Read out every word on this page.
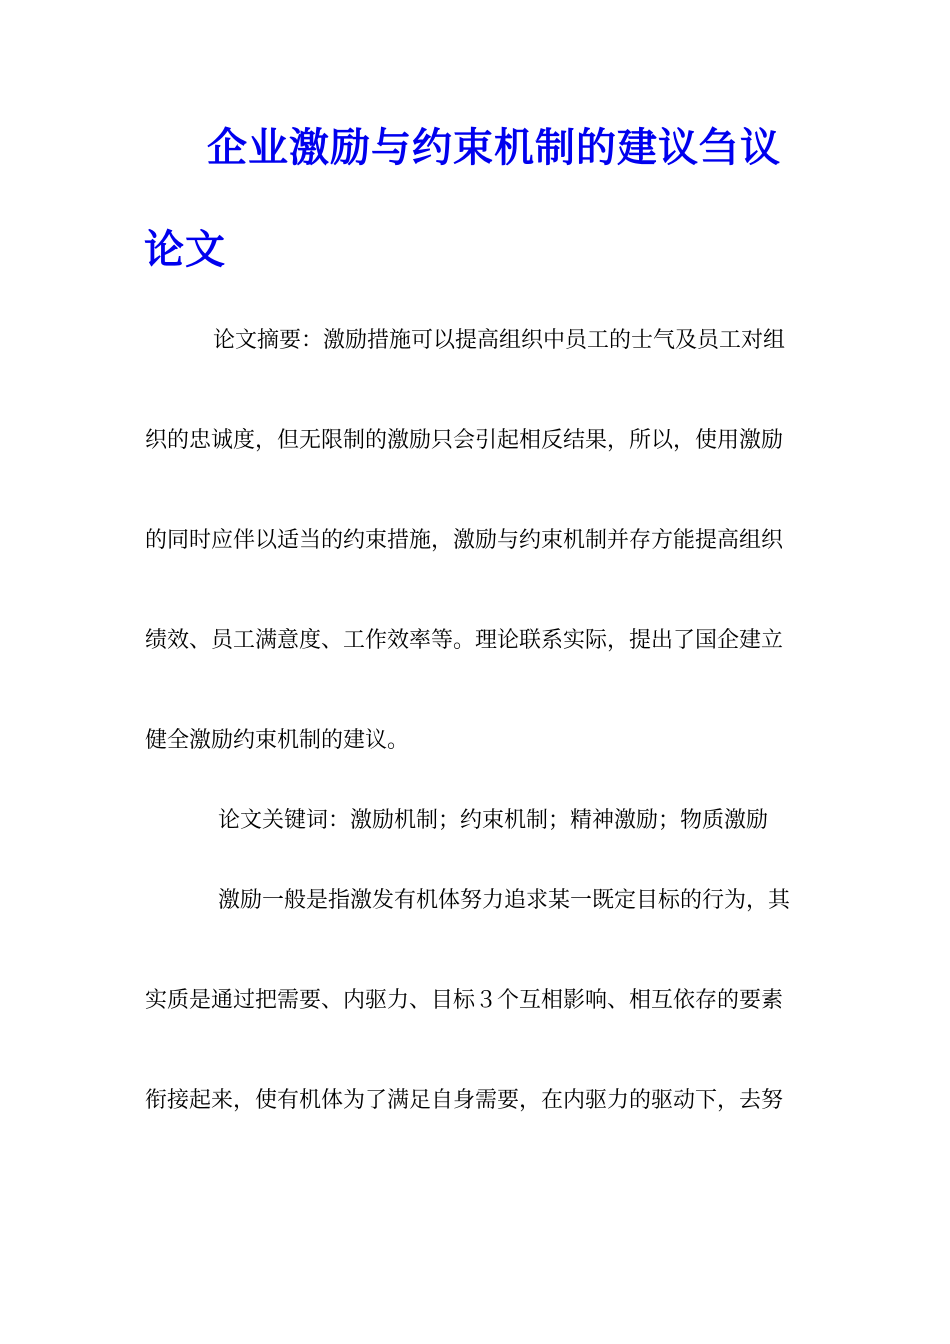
企业激励与约束机制的建议刍议
论文

论文摘要：激励措施可以提高组织中员工的士气及员工对组

织的忠诚度，但无限制的激励只会引起相反结果，所以，使用激励

的同时应伴以适当的约束措施，激励与约束机制并存方能提高组织

绩效、员工满意度、工作效率等。理论联系实际，提出了国企建立

健全激励约束机制的建议。

论文关键词：激励机制；约束机制；精神激励；物质激励

激励一般是指激发有机体努力追求某一既定目标的行为，其

实质是通过把需要、内驱力、目标３个互相影响、相互依存的要素

衔接起来，使有机体为了满足自身需要，在内驱力的驱动下，去努
